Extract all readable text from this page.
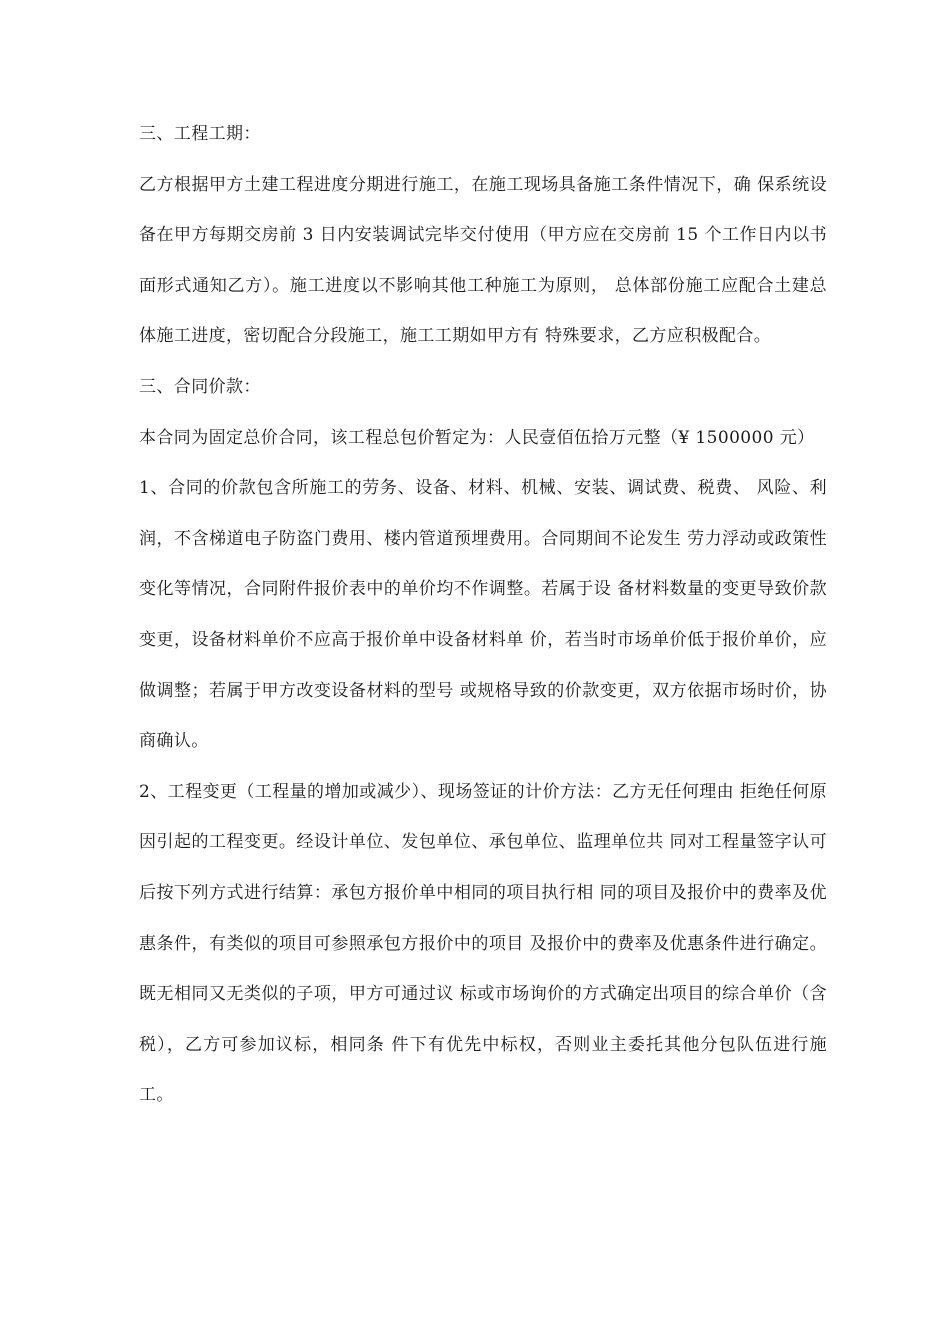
三、工程工期：

乙方根据甲方土建工程进度分期进行施工，在施工现场具备施工条件情况下，确 保系统设备在甲方每期交房前 3 日内安装调试完毕交付使用（甲方应在交房前 15 个工作日内以书面形式通知乙方）。施工进度以不影响其他工种施工为原则， 总体部份施工应配合土建总体施工进度，密切配合分段施工，施工工期如甲方有 特殊要求，乙方应积极配合。

三、合同价款：

本合同为固定总价合同，该工程总包价暂定为：人民壹佰伍拾万元整（¥ 1500000 元）

1、合同的价款包含所施工的劳务、设备、材料、机械、安装、调试费、税费、 风险、利润，不含梯道电子防盗门费用、楼内管道预埋费用。合同期间不论发生 劳力浮动或政策性变化等情况，合同附件报价表中的单价均不作调整。若属于设 备材料数量的变更导致价款变更，设备材料单价不应高于报价单中设备材料单 价，若当时市场单价低于报价单价，应做调整；若属于甲方改变设备材料的型号 或规格导致的价款变更，双方依据市场时价，协商确认。

2、工程变更（工程量的增加或减少）、现场签证的计价方法：乙方无任何理由 拒绝任何原因引起的工程变更。经设计单位、发包单位、承包单位、监理单位共 同对工程量签字认可后按下列方式进行结算：承包方报价单中相同的项目执行相 同的项目及报价中的费率及优惠条件，有类似的项目可参照承包方报价中的项目 及报价中的费率及优惠条件进行确定。既无相同又无类似的子项，甲方可通过议 标或市场询价的方式确定出项目的综合单价（含税），乙方可参加议标，相同条 件下有优先中标权，否则业主委托其他分包队伍进行施工。
